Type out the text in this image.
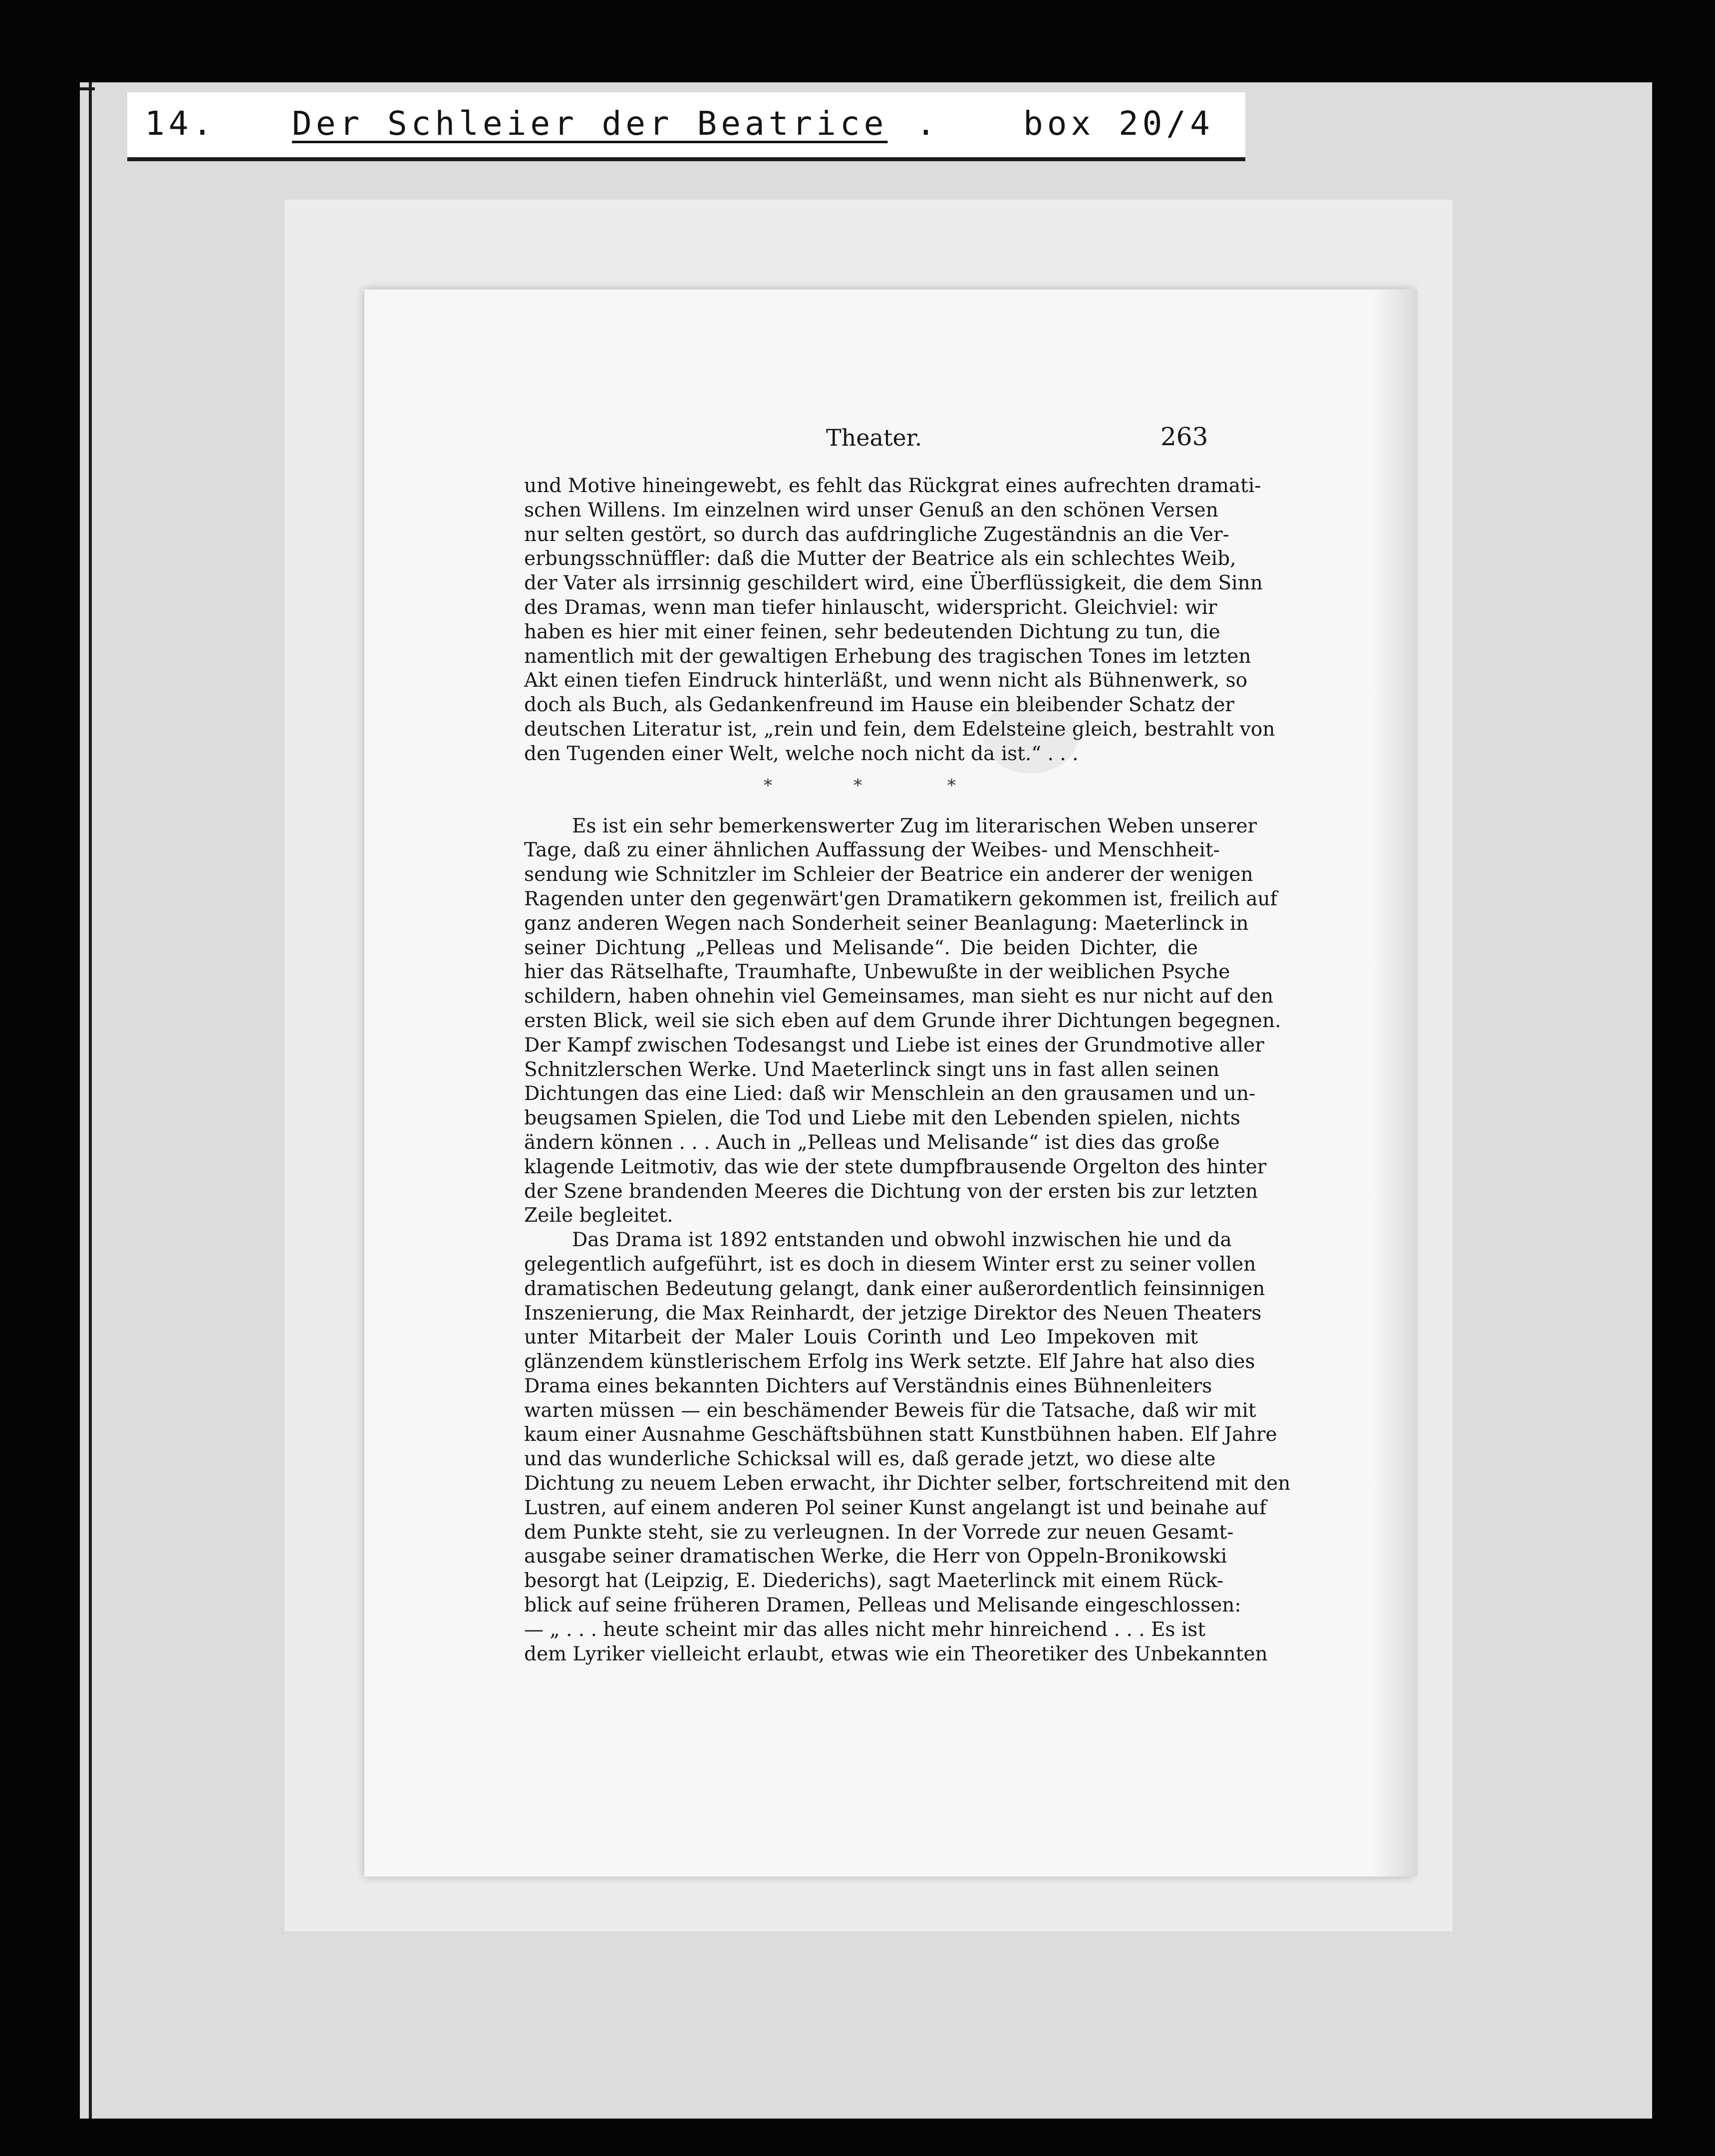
14. Der Schleier der Beatrice .	box 20/4
Theater.	263
und Motive hineingewebt, es fehlt das Rückgrat eines aufrechten dramati-
schen Willens. Im einzelnen wird unser Genuß an den schönen Versen
nur selten gestört, so durch das aufdringliche Zugeständnis an die Ver-
erbungsschnüffler: daß die Mutter der Beatrice als ein schlechtes Weib,
der Vater als irrsinnig geschildert wird, eine Überflüssigkeit, die dem Sinn
des Dramas, wenn man tiefer hinlauscht, widerspricht. Gleichviel: wir
haben es hier mit einer feinen, sehr bedeutenden Dichtung zu tun, die
namentlich mit der gewaltigen Erhebung des tragischen Tones im letzten
Akt einen tiefen Eindruck hinterläßt, und wenn nicht als Bühnenwerk, so
doch als Buch, als Gedankenfreund im Hause ein bleibender Schatz der
deutschen Literatur ist, „rein und fein, dem Edelsteine gleich, bestrahlt von
den Tugenden einer Welt, welche noch nicht da ist.“ . . .
*	*	*
Es ist ein sehr bemerkenswerter Zug im literarischen Weben unserer
Tage, daß zu einer ähnlichen Auffassung der Weibes- und Menschheit-
sendung wie Schnitzler im Schleier der Beatrice ein anderer der wenigen
Ragenden unter den gegenwärt'gen Dramatikern gekommen ist, freilich auf
ganz anderen Wegen nach Sonderheit seiner Beanlagung: Maeterlinck in
seiner Dichtung „Pelleas und Melisande“. Die beiden Dichter, die
hier das Rätselhafte, Traumhafte, Unbewußte in der weiblichen Psyche
schildern, haben ohnehin viel Gemeinsames, man sieht es nur nicht auf den
ersten Blick, weil sie sich eben auf dem Grunde ihrer Dichtungen begegnen.
Der Kampf zwischen Todesangst und Liebe ist eines der Grundmotive aller
Schnitzlerschen Werke. Und Maeterlinck singt uns in fast allen seinen
Dichtungen das eine Lied: daß wir Menschlein an den grausamen und un-
beugsamen Spielen, die Tod und Liebe mit den Lebenden spielen, nichts
ändern können . . . Auch in „Pelleas und Melisande“ ist dies das große
klagende Leitmotiv, das wie der stete dumpfbrausende Orgelton des hinter
der Szene brandenden Meeres die Dichtung von der ersten bis zur letzten
Zeile begleitet.
Das Drama ist 1892 entstanden und obwohl inzwischen hie und da
gelegentlich aufgeführt, ist es doch in diesem Winter erst zu seiner vollen
dramatischen Bedeutung gelangt, dank einer außerordentlich feinsinnigen
Inszenierung, die Max Reinhardt, der jetzige Direktor des Neuen Theaters
unter Mitarbeit der Maler Louis Corinth und Leo Impekoven mit
glänzendem künstlerischem Erfolg ins Werk setzte. Elf Jahre hat also dies
Drama eines bekannten Dichters auf Verständnis eines Bühnenleiters
warten müssen — ein beschämender Beweis für die Tatsache, daß wir mit
kaum einer Ausnahme Geschäftsbühnen statt Kunstbühnen haben. Elf Jahre
und das wunderliche Schicksal will es, daß gerade jetzt, wo diese alte
Dichtung zu neuem Leben erwacht, ihr Dichter selber, fortschreitend mit den
Lustren, auf einem anderen Pol seiner Kunst angelangt ist und beinahe auf
dem Punkte steht, sie zu verleugnen. In der Vorrede zur neuen Gesamt-
ausgabe seiner dramatischen Werke, die Herr von Oppeln-Bronikowski
besorgt hat (Leipzig, E. Diederichs), sagt Maeterlinck mit einem Rück-
blick auf seine früheren Dramen, Pelleas und Melisande eingeschlossen:
— „ . . . heute scheint mir das alles nicht mehr hinreichend . . . Es ist
dem Lyriker vielleicht erlaubt, etwas wie ein Theoretiker des Unbekannten
